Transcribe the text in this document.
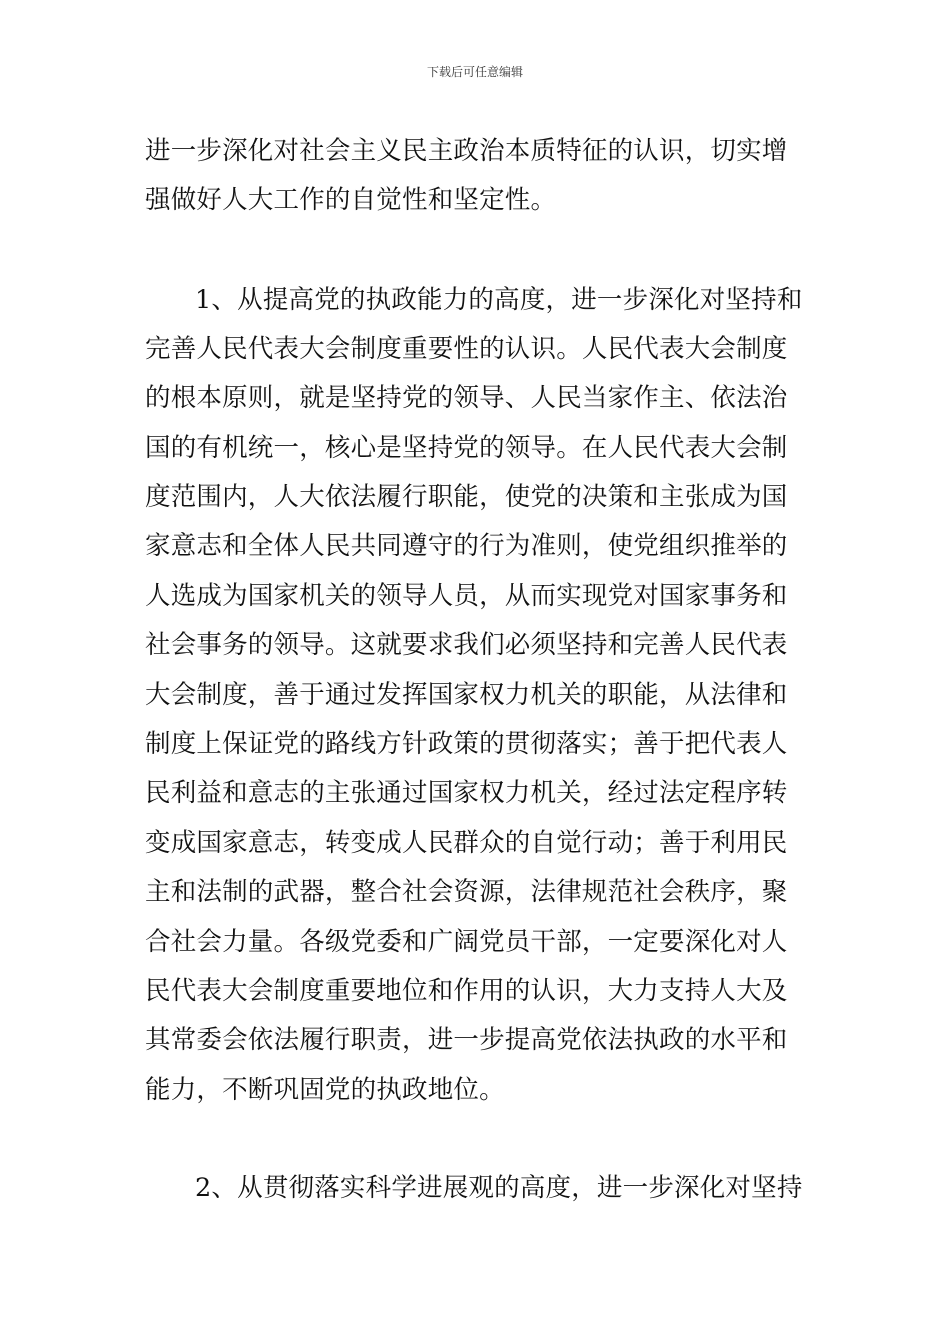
下载后可任意编辑
进一步深化对社会主义民主政治本质特征的认识，切实增
强做好人大工作的自觉性和坚定性。
1、从提高党的执政能力的高度，进一步深化对坚持和
完善人民代表大会制度重要性的认识。人民代表大会制度
的根本原则，就是坚持党的领导、人民当家作主、依法治
国的有机统一，核心是坚持党的领导。在人民代表大会制
度范围内，人大依法履行职能，使党的决策和主张成为国
家意志和全体人民共同遵守的行为准则，使党组织推举的
人选成为国家机关的领导人员，从而实现党对国家事务和
社会事务的领导。这就要求我们必须坚持和完善人民代表
大会制度，善于通过发挥国家权力机关的职能，从法律和
制度上保证党的路线方针政策的贯彻落实；善于把代表人
民利益和意志的主张通过国家权力机关，经过法定程序转
变成国家意志，转变成人民群众的自觉行动；善于利用民
主和法制的武器，整合社会资源，法律规范社会秩序，聚
合社会力量。各级党委和广阔党员干部，一定要深化对人
民代表大会制度重要地位和作用的认识，大力支持人大及
其常委会依法履行职责，进一步提高党依法执政的水平和
能力，不断巩固党的执政地位。
2、从贯彻落实科学进展观的高度，进一步深化对坚持
